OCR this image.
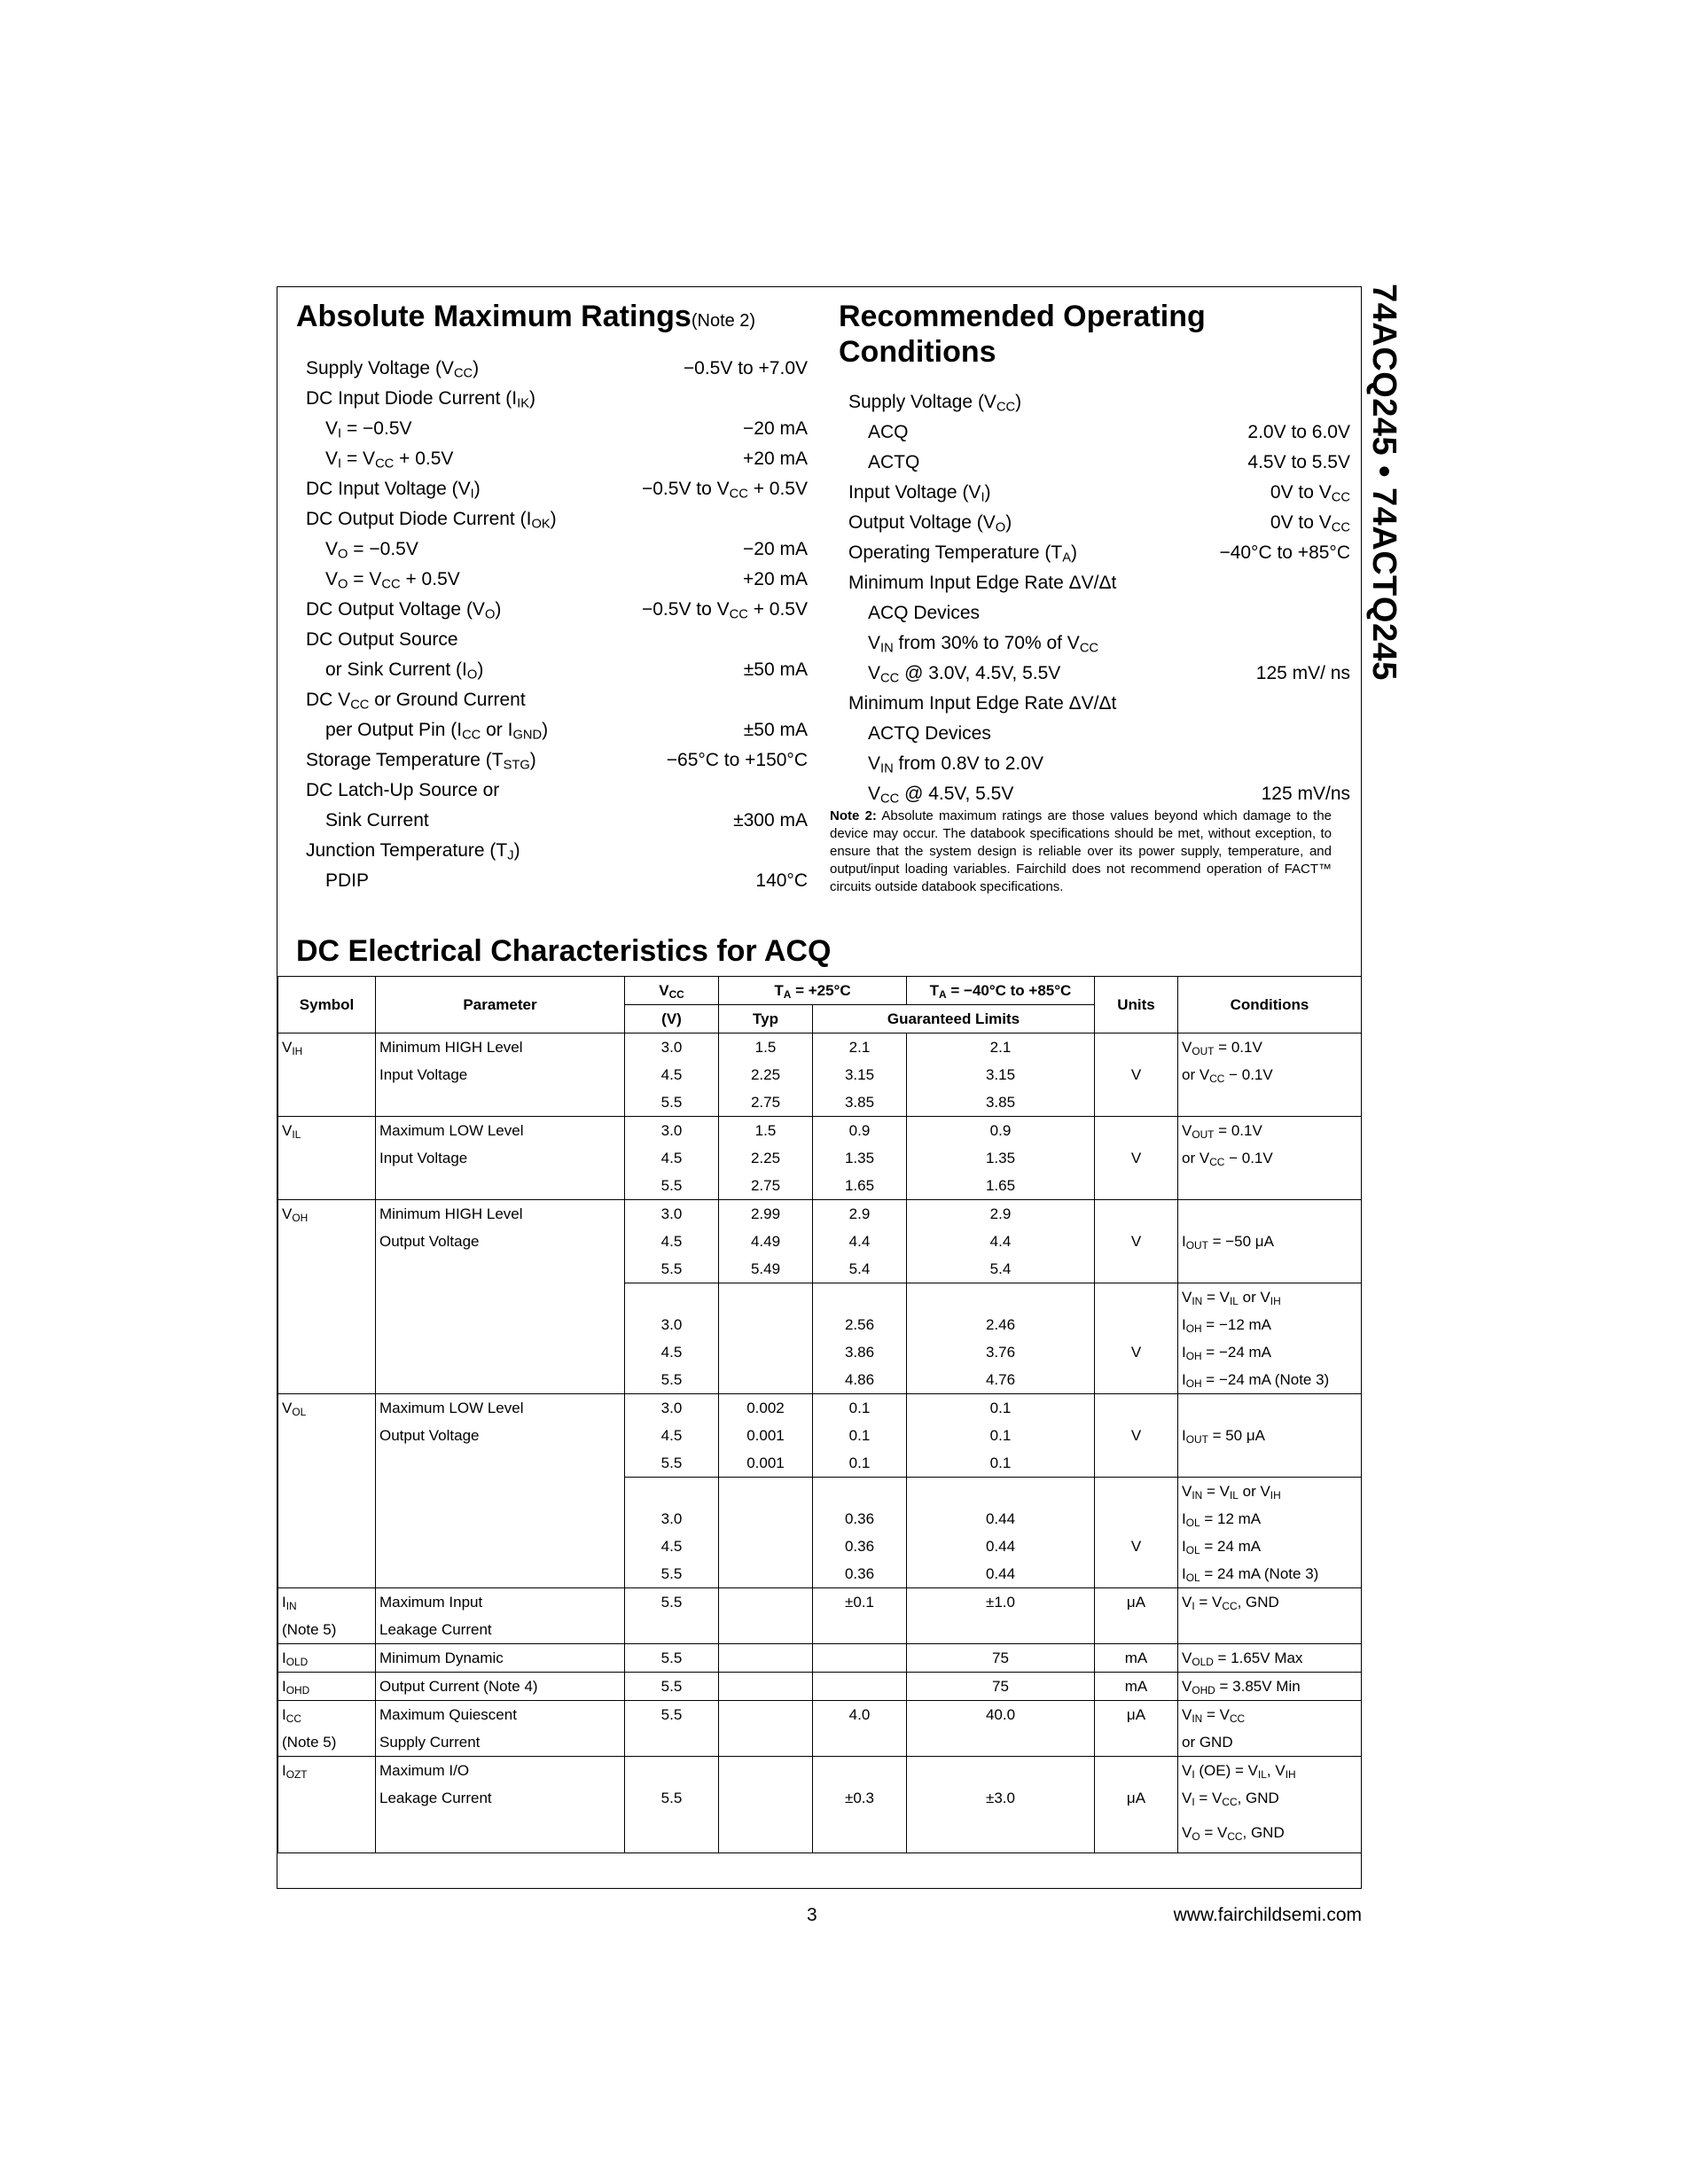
74ACQ245 • 74ACTQ245
Absolute Maximum Ratings(Note 2)
Supply Voltage $(V_{CC})$	−0.5V to +7.0V
DC Input Diode Current $(I_{IK})$
$V_I = -0.5V$	−20 mA
$V_I = V_{CC} + 0.5V$	+20 mA
DC Input Voltage $(V_I)$	−0.5V to $V_{CC} + 0.5V$
DC Output Diode Current $(I_{OK})$
$V_O = -0.5V$	−20 mA
$V_O = V_{CC} + 0.5V$	+20 mA
DC Output Voltage $(V_O)$	−0.5V to $V_{CC} + 0.5V$
DC Output Source
or Sink Current $(I_O)$	±50 mA
DC $V_{CC}$ or Ground Current
per Output Pin ($I_{CC}$ or $I_{GND}$)	±50 mA
Storage Temperature $(T_{STG})$	−65°C to +150°C
DC Latch-Up Source or
Sink Current	±300 mA
Junction Temperature $(T_J)$
PDIP	140°C
Recommended Operating
Conditions
Supply Voltage $(V_{CC})$
ACQ	2.0V to 6.0V
ACTQ	4.5V to 5.5V
Input Voltage $(V_I)$	0V to $V_{CC}$
Output Voltage $(V_O)$	0V to $V_{CC}$
Operating Temperature $(T_A)$	−40°C to +85°C
Minimum Input Edge Rate ΔV/Δt
ACQ Devices
$V_{IN}$ from 30% to 70% of $V_{CC}$
$V_{CC}$ @ 3.0V, 4.5V, 5.5V	125 mV/ ns
Minimum Input Edge Rate ΔV/Δt
ACTQ Devices
$V_{IN}$ from 0.8V to 2.0V
$V_{CC}$ @ 4.5V, 5.5V	125 mV/ns
Note 2: Absolute maximum ratings are those values beyond which damage to the device may occur. The databook specifications should be met, without exception, to ensure that the system design is reliable over its power supply, temperature, and output/input loading variables. Fairchild does not recommend operation of FACT™ circuits outside databook specifications.
DC Electrical Characteristics for ACQ
Symbol	Parameter	$V_{CC}$	$T_A = +25^\circ C$		$T_A = -40^\circ C$ to +85°C	Units	Conditions
		(V)	Typ	Guaranteed Limits			
$V_{IH}$	Minimum HIGH Level	3.0	1.5	2.1	2.1		$V_{OUT} = 0.1V$
	Input Voltage	4.5	2.25	3.15	3.15	V	or $V_{CC} - 0.1V$
		5.5	2.75	3.85	3.85		
$V_{IL}$	Maximum LOW Level	3.0	1.5	0.9	0.9		$V_{OUT} = 0.1V$
	Input Voltage	4.5	2.25	1.35	1.35	V	or $V_{CC} - 0.1V$
		5.5	2.75	1.65	1.65		
$V_{OH}$	Minimum HIGH Level	3.0	2.99	2.9	2.9		
	Output Voltage	4.5	4.49	4.4	4.4	V	$I_{OUT} = -50$ μA
		5.5	5.49	5.4	5.4		
							$V_{IN} = V_{IL}$ or $V_{IH}$
		3.0		2.56	2.46		$I_{OH} = -12$ mA
		4.5		3.86	3.76	V	$I_{OH} = -24$ mA
		5.5		4.86	4.76		$I_{OH} = -24$ mA (Note 3)
$V_{OL}$	Maximum LOW Level	3.0	0.002	0.1	0.1		
	Output Voltage	4.5	0.001	0.1	0.1	V	$I_{OUT} = 50$ μA
		5.5	0.001	0.1	0.1		
							$V_{IN} = V_{IL}$ or $V_{IH}$
		3.0		0.36	0.44		$I_{OL} = 12$ mA
		4.5		0.36	0.44	V	$I_{OL} = 24$ mA
		5.5		0.36	0.44		$I_{OL} = 24$ mA (Note 3)
$I_{IN}$	Maximum Input	5.5		±0.1	±1.0	μA	$V_I = V_{CC}$, GND
(Note 5)	Leakage Current						
$I_{OLD}$	Minimum Dynamic	5.5			75	mA	$V_{OLD} = 1.65V$ Max
$I_{OHD}$	Output Current (Note 4)	5.5			75	mA	$V_{OHD} = 3.85V$ Min
$I_{CC}$	Maximum Quiescent	5.5		4.0	40.0	μA	$V_{IN} = V_{CC}$
(Note 5)	Supply Current						or GND
$I_{OZT}$	Maximum I/O						$V_I$ $(OE) = V_{IL}$, $V_{IH}$
	Leakage Current	5.5		±0.3	±3.0	μA	$V_I = V_{CC}$, GND
							$V_O = V_{CC}$, GND
3	www.fairchildsemi.com
